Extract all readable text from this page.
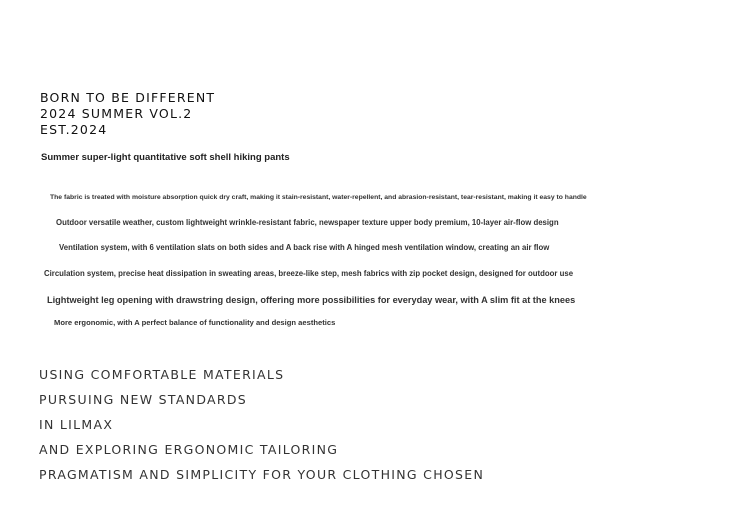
BORN TO BE DIFFERENT
2024 SUMMER VOL.2
EST.2024
Summer super-light quantitative soft shell hiking pants
The fabric is treated with moisture absorption quick dry craft, making it stain-resistant, water-repellent, and abrasion-resistant, tear-resistant, making it easy to handle
Outdoor versatile weather, custom lightweight wrinkle-resistant fabric, newspaper texture upper body premium, 10-layer air-flow design
Ventilation system, with 6 ventilation slats on both sides and A back rise with A hinged mesh ventilation window, creating an air flow
Circulation system, precise heat dissipation in sweating areas, breeze-like step, mesh fabrics with zip pocket design, designed for outdoor use
Lightweight leg opening with drawstring design, offering more possibilities for everyday wear, with A slim fit at the knees
More ergonomic, with A perfect balance of functionality and design aesthetics
USING COMFORTABLE MATERIALS
PURSUING NEW STANDARDS
IN LILMAX
AND EXPLORING ERGONOMIC TAILORING
PRAGMATISM AND SIMPLICITY FOR YOUR CLOTHING CHOSEN
